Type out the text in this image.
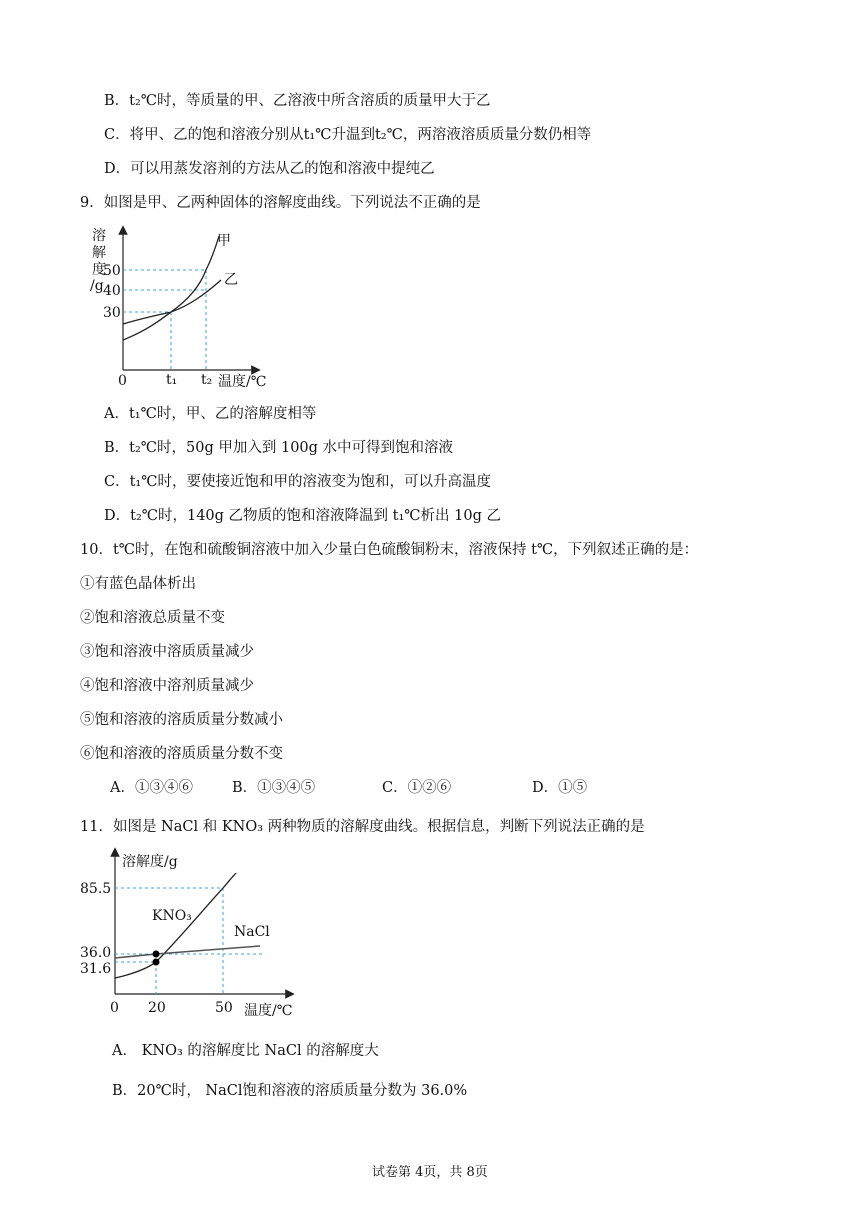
B．t₂℃时，等质量的甲、乙溶液中所含溶质的质量甲大于乙

C．将甲、乙的饱和溶液分别从t₁℃升温到t₂℃，两溶液溶质质量分数仍相等

D．可以用蒸发溶剂的方法从乙的饱和溶液中提纯乙

9．如图是甲、乙两种固体的溶解度曲线。下列说法不正确的是

溶
解
度
/g
50
40
30
0	t₁ t₂ 温度/℃
甲
乙

A．t₁℃时，甲、乙的溶解度相等

B．t₂℃时，50g 甲加入到 100g 水中可得到饱和溶液

C．t₁℃时，要使接近饱和甲的溶液变为饱和，可以升高温度

D．t₂℃时，140g 乙物质的饱和溶液降温到 t₁℃析出 10g 乙

10．t℃时，在饱和硫酸铜溶液中加入少量白色硫酸铜粉末，溶液保持 t℃，下列叙述正确的是：

①有蓝色晶体析出

②饱和溶液总质量不变

③饱和溶液中溶质质量减少

④饱和溶液中溶剂质量减少

⑤饱和溶液的溶质质量分数减小

⑥饱和溶液的溶质质量分数不变

A．①③④⑥	B．①③④⑤	C．①②⑥	D．①⑤

11．如图是 NaCl 和 KNO₃ 两种物质的溶解度曲线。根据信息，判断下列说法正确的是

溶解度/g
85.5
36.0
31.6
0 20	50 温度/℃
KNO₃
NaCl

A． KNO₃ 的溶解度比 NaCl 的溶解度大

B．20℃时， NaCl饱和溶液的溶质质量分数为 36.0%

试卷第 4页，共 8页
